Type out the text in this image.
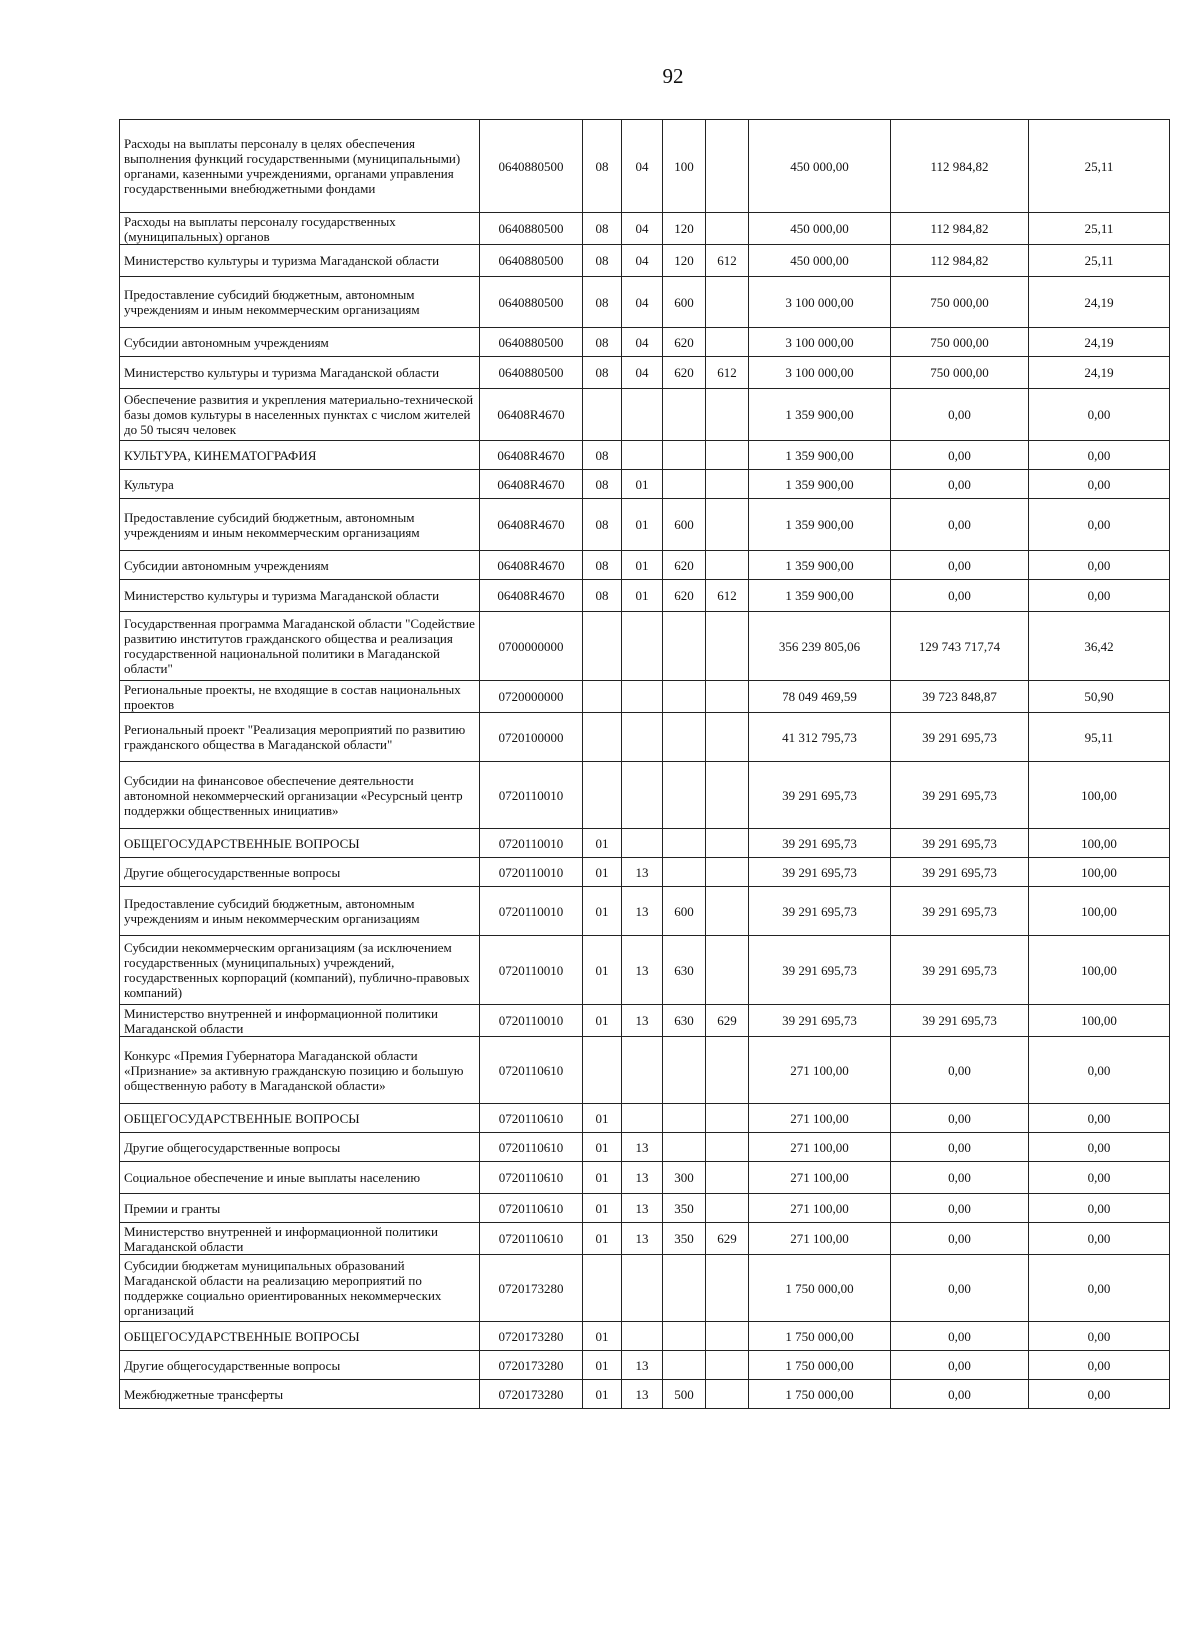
92
Расходы на выплаты персоналу в целях обеспечения выполнения функций государственными (муниципальными) органами, казенными учреждениями, органами управления государственными внебюджетными фондами	0640880500	08	04	100		450 000,00	112 984,82	25,11
Расходы на выплаты персоналу государственных (муниципальных) органов	0640880500	08	04	120		450 000,00	112 984,82	25,11
Министерство культуры и туризма Магаданской области	0640880500	08	04	120	612	450 000,00	112 984,82	25,11
Предоставление субсидий бюджетным, автономным учреждениям и иным некоммерческим организациям	0640880500	08	04	600		3 100 000,00	750 000,00	24,19
Субсидии автономным учреждениям	0640880500	08	04	620		3 100 000,00	750 000,00	24,19
Министерство культуры и туризма Магаданской области	0640880500	08	04	620	612	3 100 000,00	750 000,00	24,19
Обеспечение развития и укрепления материально-технической базы домов культуры в населенных пунктах с числом жителей до 50 тысяч человек	06408R4670					1 359 900,00	0,00	0,00
КУЛЬТУРА, КИНЕМАТОГРАФИЯ	06408R4670	08				1 359 900,00	0,00	0,00
Культура	06408R4670	08	01			1 359 900,00	0,00	0,00
Предоставление субсидий бюджетным, автономным учреждениям и иным некоммерческим организациям	06408R4670	08	01	600		1 359 900,00	0,00	0,00
Субсидии автономным учреждениям	06408R4670	08	01	620		1 359 900,00	0,00	0,00
Министерство культуры и туризма Магаданской области	06408R4670	08	01	620	612	1 359 900,00	0,00	0,00
Государственная программа Магаданской области "Содействие развитию институтов гражданского общества и реализация государственной национальной политики в Магаданской области"	0700000000					356 239 805,06	129 743 717,74	36,42
Региональные проекты, не входящие в состав национальных проектов	0720000000					78 049 469,59	39 723 848,87	50,90
Региональный проект "Реализация мероприятий по развитию гражданского общества в Магаданской области"	0720100000					41 312 795,73	39 291 695,73	95,11
Субсидии на финансовое обеспечение деятельности автономной некоммерческий организации «Ресурсный центр поддержки общественных инициатив»	0720110010					39 291 695,73	39 291 695,73	100,00
ОБЩЕГОСУДАРСТВЕННЫЕ ВОПРОСЫ	0720110010	01				39 291 695,73	39 291 695,73	100,00
Другие общегосударственные вопросы	0720110010	01	13			39 291 695,73	39 291 695,73	100,00
Предоставление субсидий бюджетным, автономным учреждениям и иным некоммерческим организациям	0720110010	01	13	600		39 291 695,73	39 291 695,73	100,00
Субсидии некоммерческим организациям (за исключением государственных (муниципальных) учреждений, государственных корпораций (компаний), публично-правовых компаний)	0720110010	01	13	630		39 291 695,73	39 291 695,73	100,00
Министерство внутренней и информационной политики Магаданской области	0720110010	01	13	630	629	39 291 695,73	39 291 695,73	100,00
Конкурс «Премия Губернатора Магаданской области «Признание» за активную гражданскую позицию и большую общественную работу в Магаданской области»	0720110610					271 100,00	0,00	0,00
ОБЩЕГОСУДАРСТВЕННЫЕ ВОПРОСЫ	0720110610	01				271 100,00	0,00	0,00
Другие общегосударственные вопросы	0720110610	01	13			271 100,00	0,00	0,00
Социальное обеспечение и иные выплаты населению	0720110610	01	13	300		271 100,00	0,00	0,00
Премии и гранты	0720110610	01	13	350		271 100,00	0,00	0,00
Министерство внутренней и информационной политики Магаданской области	0720110610	01	13	350	629	271 100,00	0,00	0,00
Субсидии бюджетам муниципальных образований Магаданской области на реализацию мероприятий по поддержке социально ориентированных некоммерческих организаций	0720173280					1 750 000,00	0,00	0,00
ОБЩЕГОСУДАРСТВЕННЫЕ ВОПРОСЫ	0720173280	01				1 750 000,00	0,00	0,00
Другие общегосударственные вопросы	0720173280	01	13			1 750 000,00	0,00	0,00
Межбюджетные трансферты	0720173280	01	13	500		1 750 000,00	0,00	0,00
